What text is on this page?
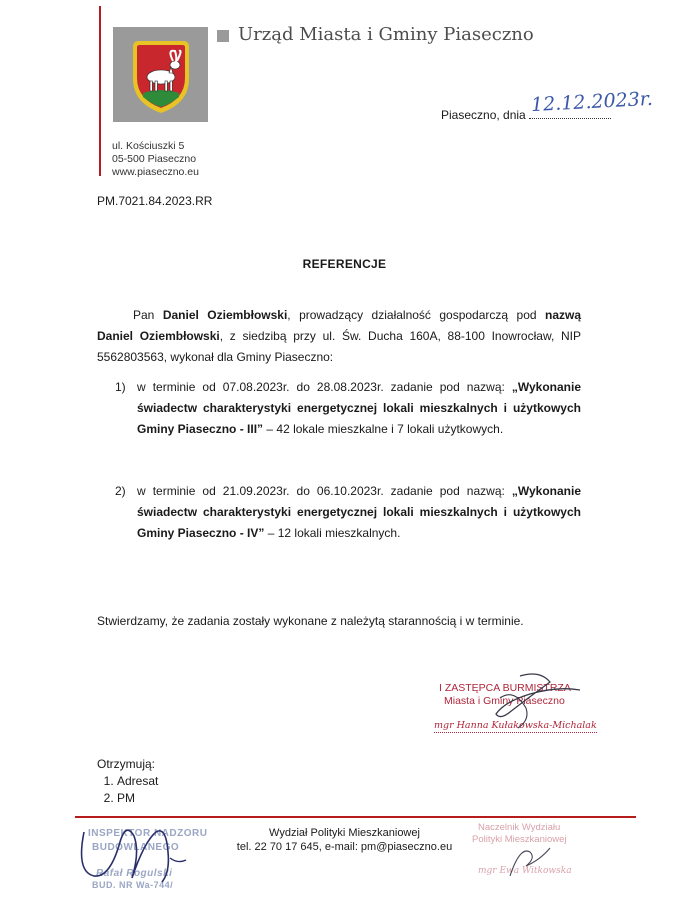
Urząd Miasta i Gminy Piaseczno
Piaseczno, dnia 12.12.2023r.
ul. Kościuszki 5
05-500 Piaseczno
www.piaseczno.eu
PM.7021.84.2023.RR
REFERENCJE
Pan Daniel Oziembłowski, prowadzący działalność gospodarczą pod nazwą Daniel Oziembłowski, z siedzibą przy ul. Św. Ducha 160A, 88-100 Inowrocław, NIP 5562803563, wykonał dla Gminy Piaseczno:
1) w terminie od 07.08.2023r. do 28.08.2023r. zadanie pod nazwą: „Wykonanie świadectw charakterystyki energetycznej lokali mieszkalnych i użytkowych Gminy Piaseczno - III” – 42 lokale mieszkalne i 7 lokali użytkowych.
2) w terminie od 21.09.2023r. do 06.10.2023r. zadanie pod nazwą: „Wykonanie świadectw charakterystyki energetycznej lokali mieszkalnych i użytkowych Gminy Piaseczno - IV” – 12 lokali mieszkalnych.
Stwierdzamy, że zadania zostały wykonane z należytą starannością i w terminie.
I ZASTĘPCA BURMISTRZA
Miasta i Gminy Piaseczno
mgr Hanna Kułakowska-Michalak
Otrzymują:
1. Adresat
2. PM
Wydział Polityki Mieszkaniowej
tel. 22 70 17 645, e-mail: pm@piaseczno.eu
INSPEKTOR NADZORU
BUDOWLANEGO
Rafał Rogulski
BUD. NR Wa-744/
Naczelnik Wydziału
Polityki Mieszkaniowej
mgr Ewa Witkowska
